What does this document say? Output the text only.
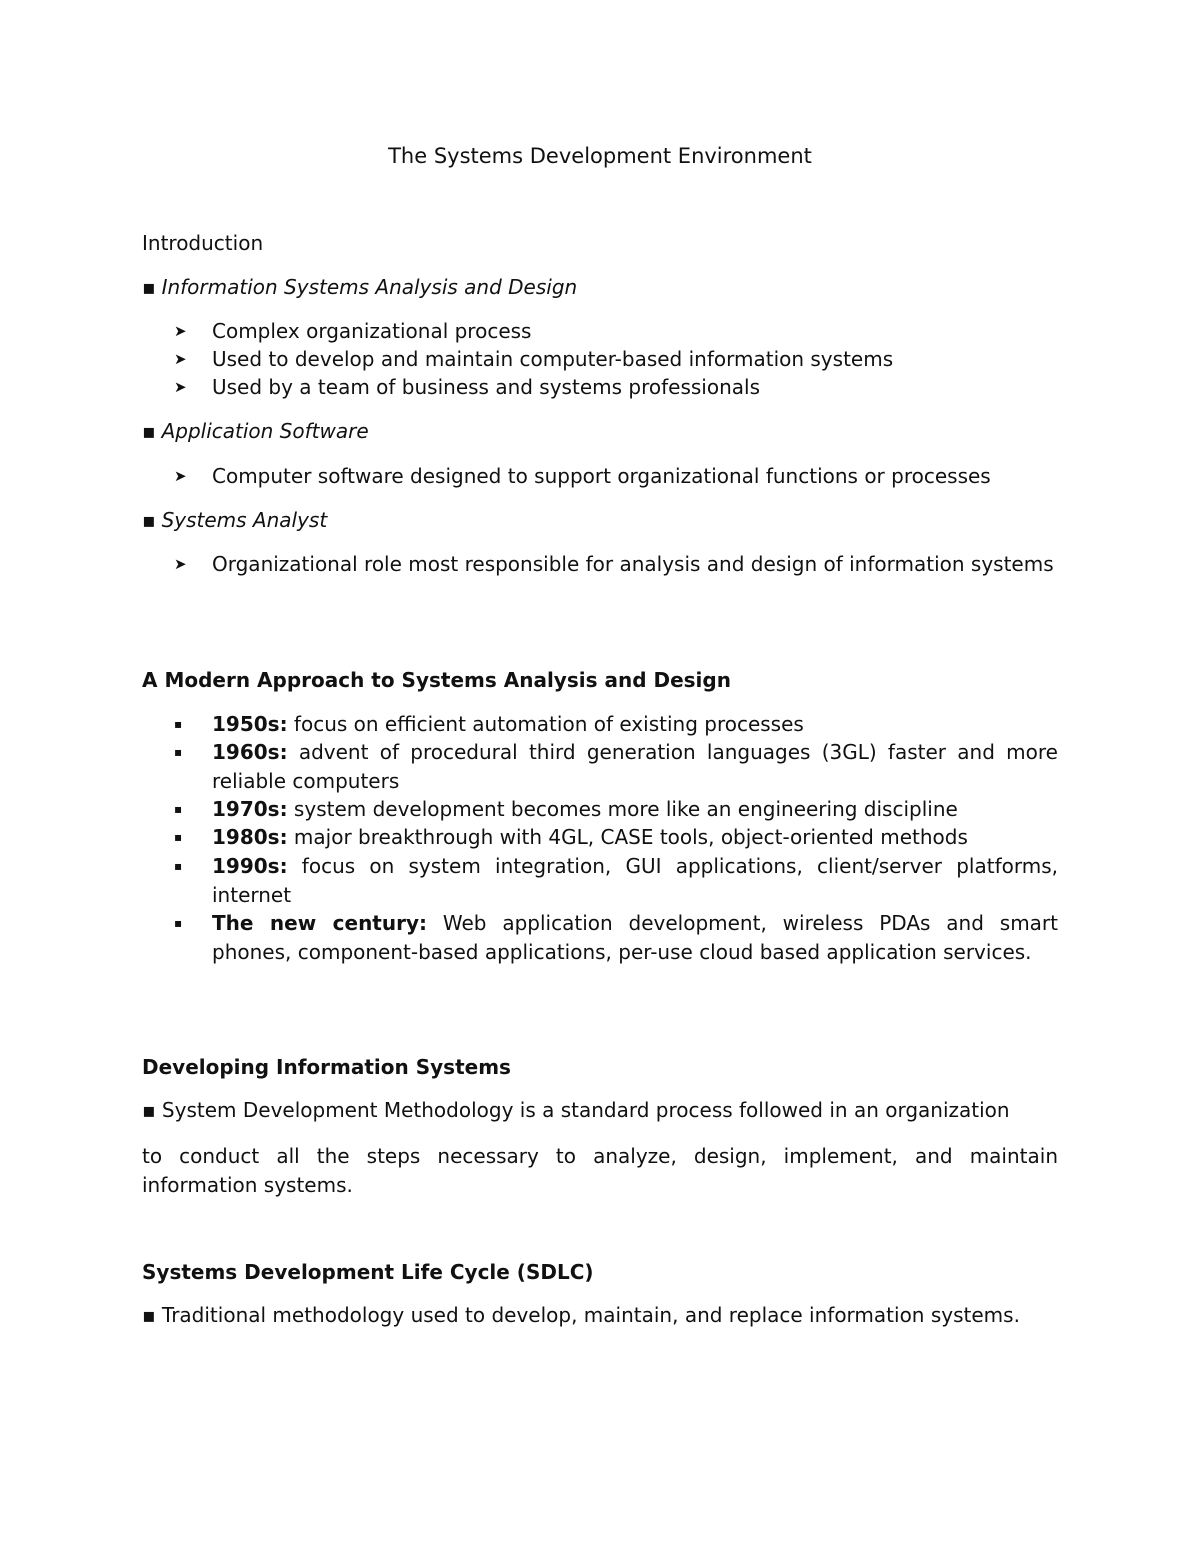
The Systems Development Environment
Introduction
▪ Information Systems Analysis and Design
➤	Complex organizational process
➤	Used to develop and maintain computer-based information systems
➤	Used by a team of business and systems professionals
▪ Application Software
➤	Computer software designed to support organizational functions or processes
▪ Systems Analyst
➤	Organizational role most responsible for analysis and design of information systems
A Modern Approach to Systems Analysis and Design
▪	1950s: focus on efficient automation of existing processes
▪	1960s: advent of procedural third generation languages (3GL) faster and more reliable computers
▪	1970s: system development becomes more like an engineering discipline
▪	1980s: major breakthrough with 4GL, CASE tools, object-oriented methods
▪	1990s: focus on system integration, GUI applications, client/server platforms, internet
▪	The new century: Web application development, wireless PDAs and smart phones, component-based applications, per-use cloud based application services.
Developing Information Systems
▪ System Development Methodology is a standard process followed in an organization
to conduct all the steps necessary to analyze, design, implement, and maintain information systems.
Systems Development Life Cycle (SDLC)
▪ Traditional methodology used to develop, maintain, and replace information systems.
